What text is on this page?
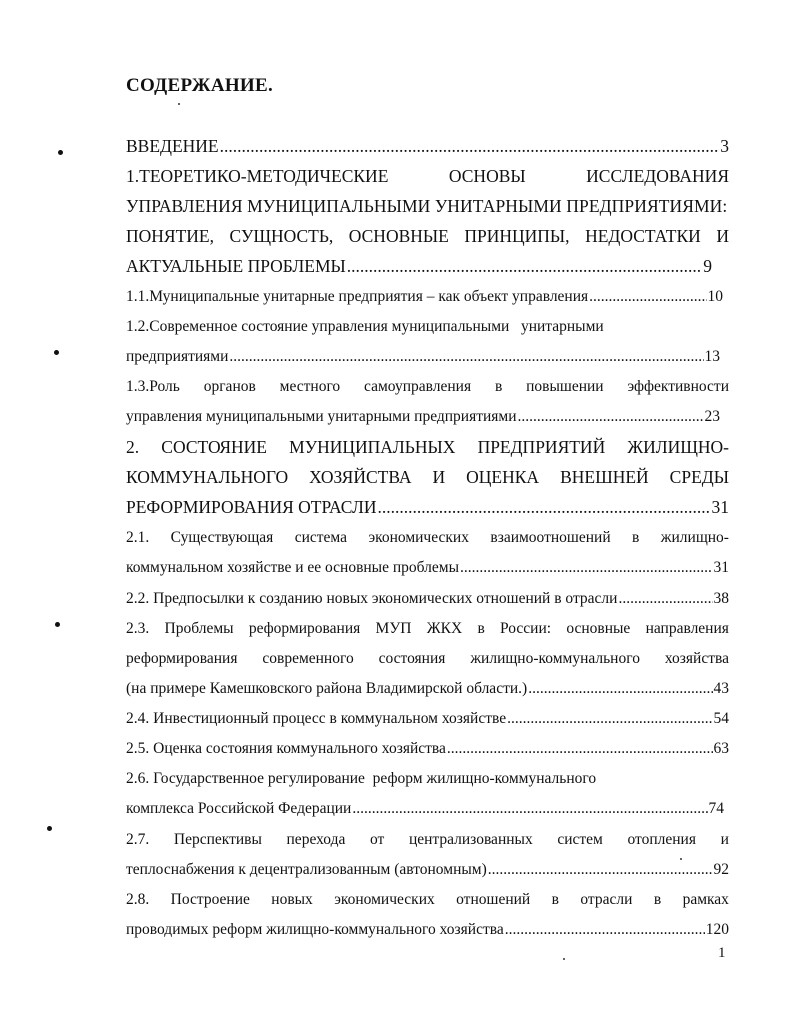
СОДЕРЖАНИЕ.
ВВЕДЕНИЕ .....	3
1.ТЕОРЕТИКО-МЕТОДИЧЕСКИЕ	ОСНОВЫ	ИССЛЕДОВАНИЯ
УПРАВЛЕНИЯ МУНИЦИПАЛЬНЫМИ УНИТАРНЫМИ ПРЕДПРИЯТИЯМИ:
ПОНЯТИЕ, СУЩНОСТЬ, ОСНОВНЫЕ ПРИНЦИПЫ, НЕДОСТАТКИ И
АКТУАЛЬНЫЕ ПРОБЛЕМЫ .....	9
1.1.Муниципальные унитарные предприятия – как объект управления .....	10
1.2.Современное состояние управления муниципальными   унитарными
предприятиями .....	13
1.3.Роль органов местного самоуправления в повышении эффективности
управления муниципальными унитарными предприятиями .....	23
2. СОСТОЯНИЕ МУНИЦИПАЛЬНЫХ ПРЕДПРИЯТИЙ ЖИЛИЩНО-
КОММУНАЛЬНОГО ХОЗЯЙСТВА И ОЦЕНКА ВНЕШНЕЙ СРЕДЫ
РЕФОРМИРОВАНИЯ ОТРАСЛИ .....	31
2.1. Существующая система экономических взаимоотношений в жилищно-
коммунальном хозяйстве и ее основные проблемы .....	31
2.2. Предпосылки к созданию новых экономических отношений в отрасли .....	38
2.3. Проблемы реформирования МУП ЖКХ в России: основные направления
реформирования современного состояния жилищно-коммунального хозяйства
(на примере Камешковского района Владимирской области.) .....	43
2.4. Инвестиционный процесс в коммунальном хозяйстве .....	54
2.5. Оценка состояния коммунального хозяйства .....	63
2.6. Государственное регулирование  реформ жилищно-коммунального
комплекса Российской Федерации .....	74
2.7. Перспективы перехода от централизованных систем отопления и
теплоснабжения к децентрализованным (автономным) .....	92
2.8. Построение новых экономических отношений в отрасли в рамках
проводимых реформ жилищно-коммунального хозяйства .....	120
1
